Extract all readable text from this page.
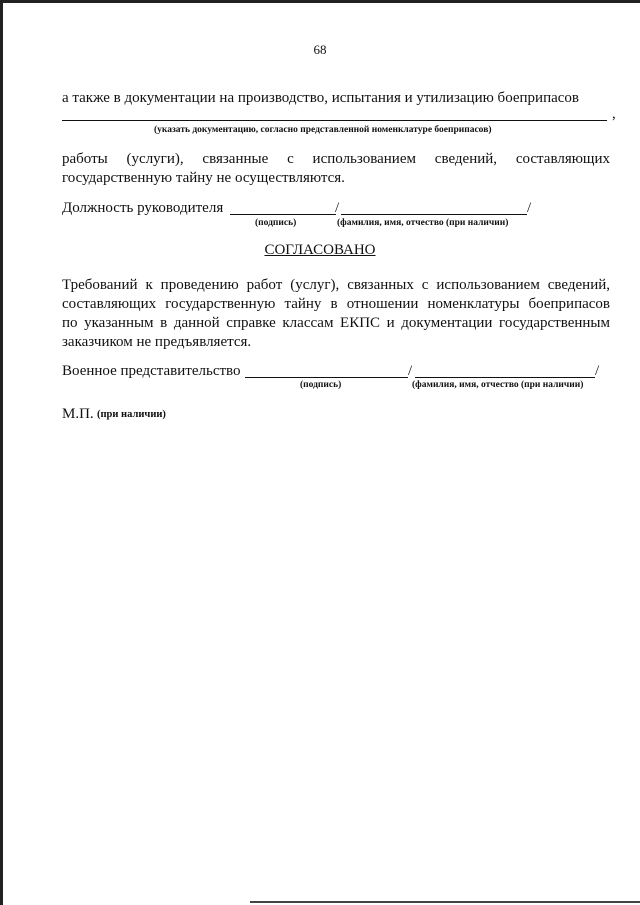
68
а также в документации на производство, испытания и утилизацию боеприпасов
,
(указать документацию, согласно представленной номенклатуре боеприпасов)
работы (услуги), связанные с использованием сведений, составляющих
государственную тайну не осуществляются.
Должность руководителя	/	/
(подпись)	(фамилия, имя, отчество (при наличии)
СОГЛАСОВАНО
Требований к проведению работ (услуг), связанных с использованием сведений,
составляющих государственную тайну в отношении номенклатуры боеприпасов
по указанным в данной справке классам ЕКПС и документации государственным
заказчиком не предъявляется.
Военное представительство	/	/
(подпись)	(фамилия, имя, отчество (при наличии)
М.П. (при наличии)
